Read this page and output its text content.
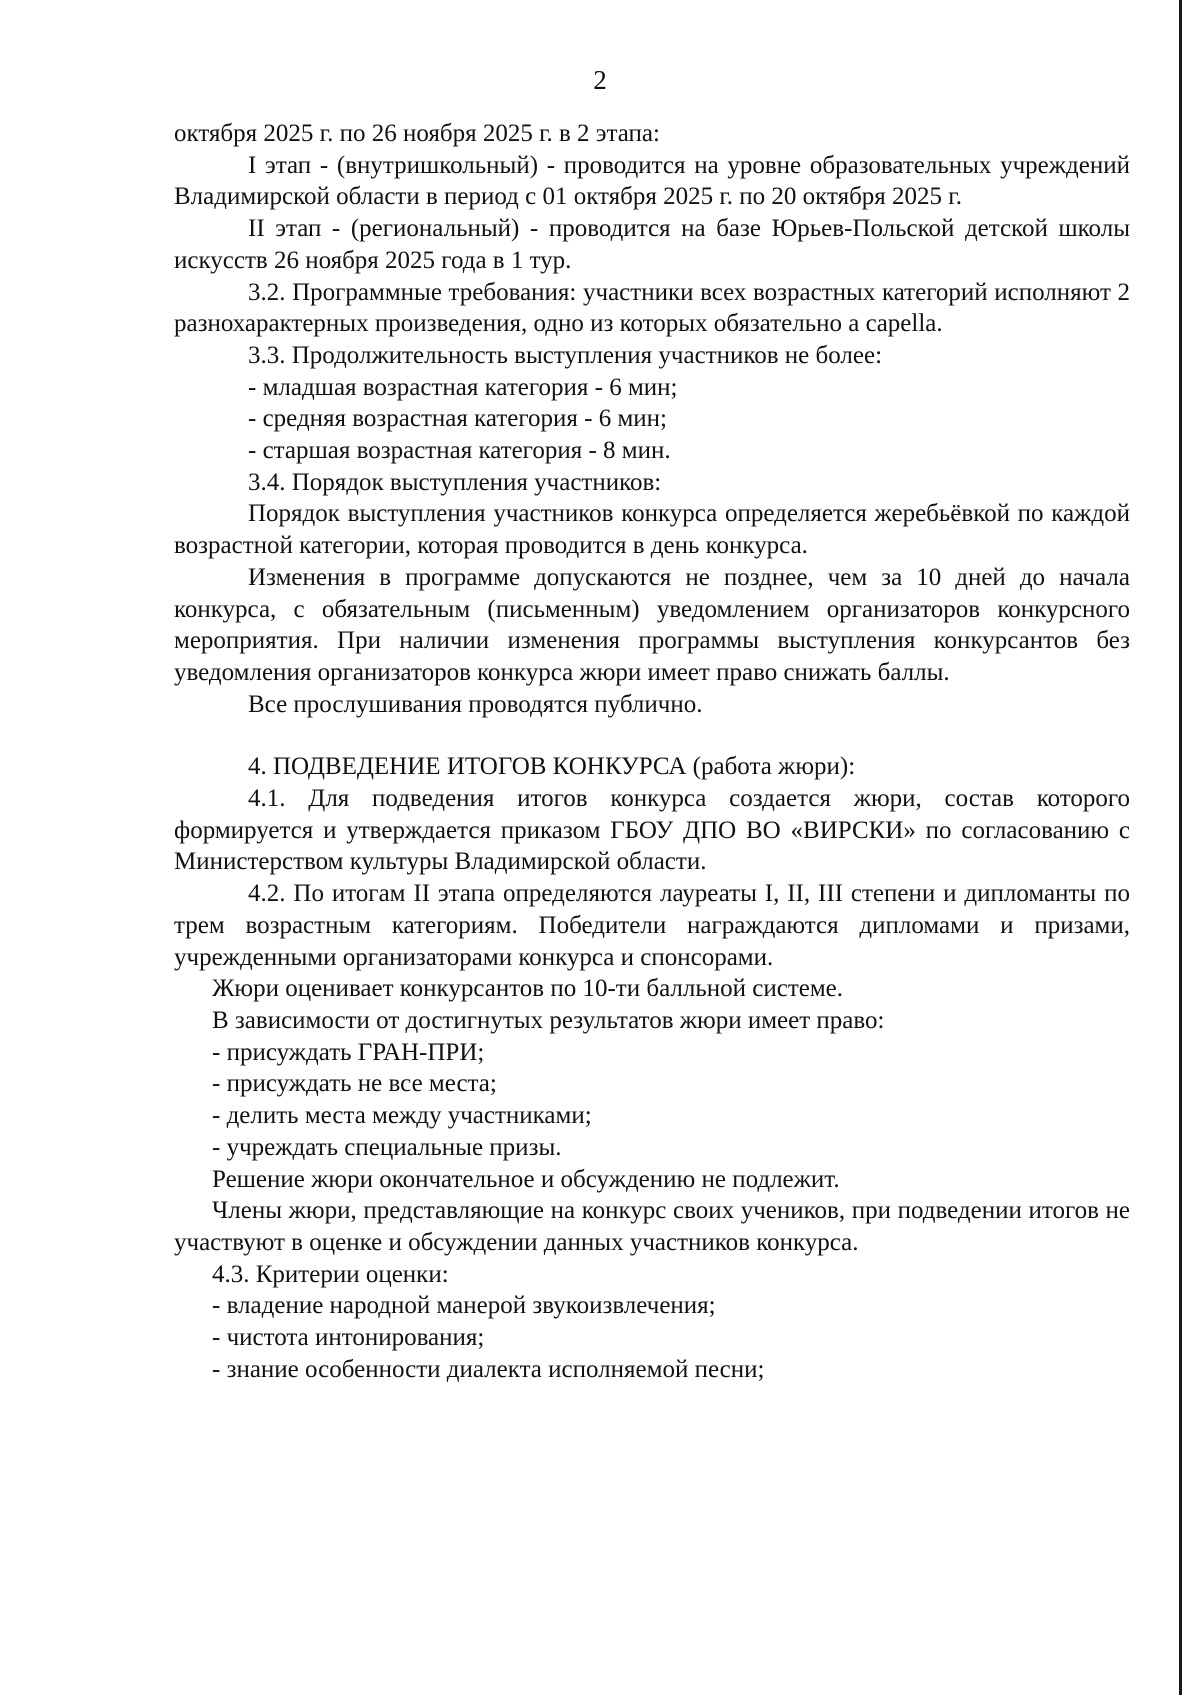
2

октября 2025 г. по 26 ноября 2025 г. в 2 этапа:

I этап - (внутришкольный) - проводится на уровне образовательных учреждений Владимирской области в период с 01 октября 2025 г. по 20 октября 2025 г.

II этап - (региональный) - проводится на базе Юрьев-Польской детской школы искусств 26 ноября 2025 года в 1 тур.

3.2. Программные требования: участники всех возрастных категорий исполняют 2 разнохарактерных произведения, одно из которых обязательно a capella.

3.3. Продолжительность выступления участников не более:

- младшая возрастная категория - 6 мин;

- средняя возрастная категория - 6 мин;

- старшая возрастная категория - 8 мин.

3.4. Порядок выступления участников:

Порядок выступления участников конкурса определяется жеребьёвкой по каждой возрастной категории, которая проводится в день конкурса.

Изменения в программе допускаются не позднее, чем за 10 дней до начала конкурса, с обязательным (письменным) уведомлением организаторов конкурсного мероприятия. При наличии изменения программы выступления конкурсантов без уведомления организаторов конкурса жюри имеет право снижать баллы.

Все прослушивания проводятся публично.

4. ПОДВЕДЕНИЕ ИТОГОВ КОНКУРСА (работа жюри):

4.1. Для подведения итогов конкурса создается жюри, состав которого формируется и утверждается приказом ГБОУ ДПО ВО «ВИРСКИ» по согласованию с Министерством культуры Владимирской области.

4.2. По итогам II этапа определяются лауреаты I, II, III степени и дипломанты по трем возрастным категориям. Победители награждаются дипломами и призами, учрежденными организаторами конкурса и спонсорами.

Жюри оценивает конкурсантов по 10-ти балльной системе.

В зависимости от достигнутых результатов жюри имеет право:

- присуждать ГРАН-ПРИ;

- присуждать не все места;

- делить места между участниками;

- учреждать специальные призы.

Решение жюри окончательное и обсуждению не подлежит.

Члены жюри, представляющие на конкурс своих учеников, при подведении итогов не участвуют в оценке и обсуждении данных участников конкурса.

4.3. Критерии оценки:

- владение народной манерой звукоизвлечения;

- чистота интонирования;

- знание особенности диалекта исполняемой песни;
